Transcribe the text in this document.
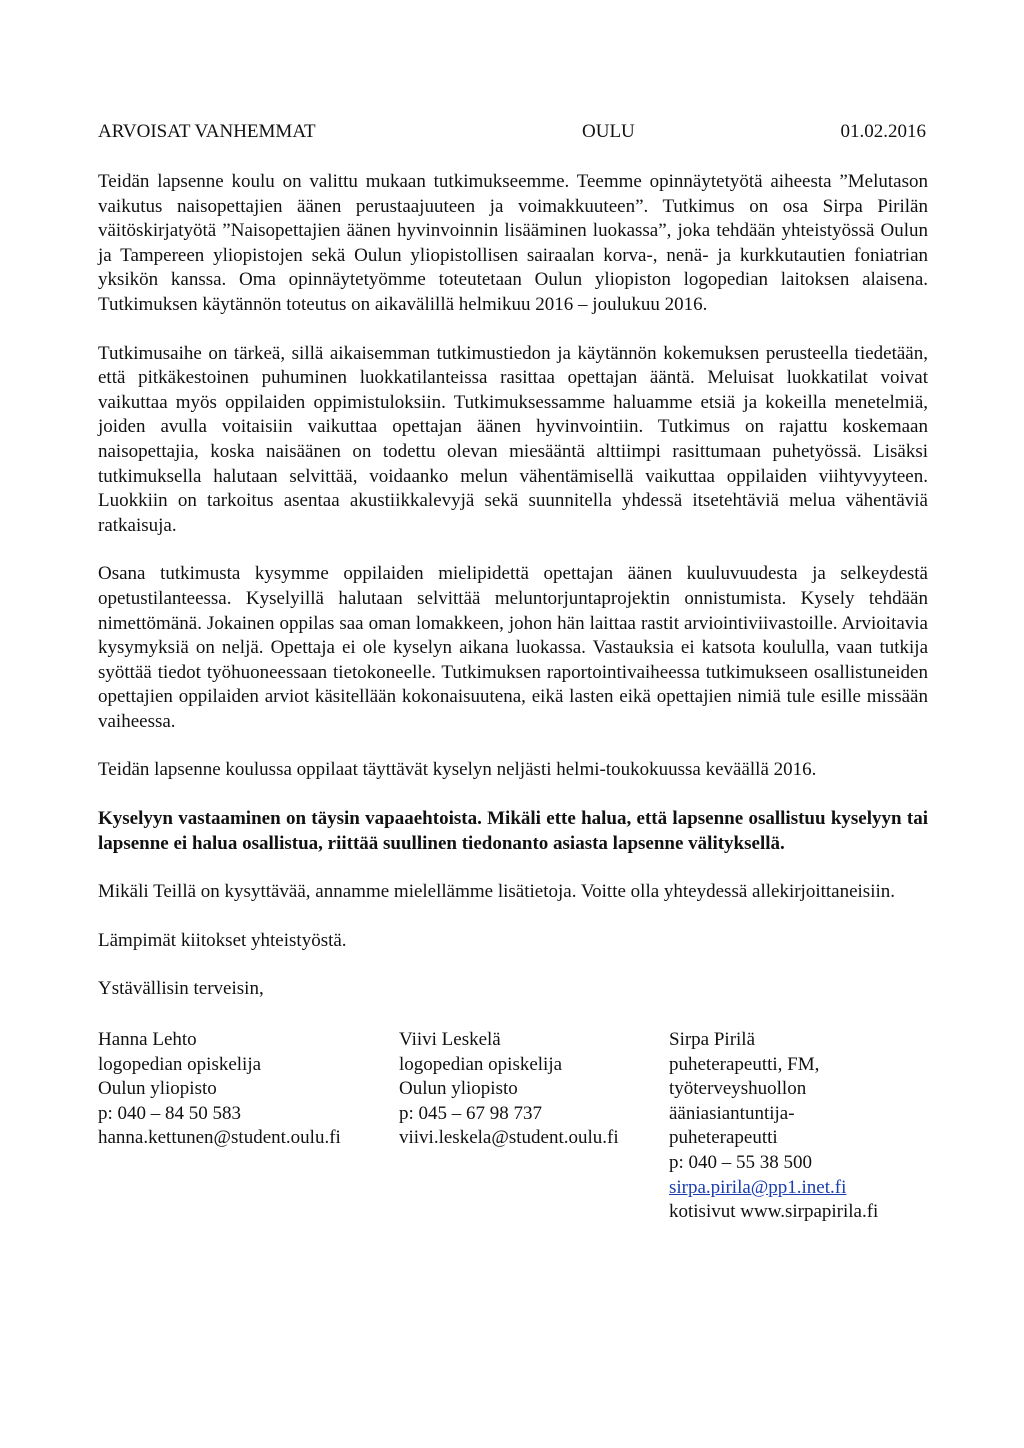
ARVOISAT VANHEMMAT	OULU	01.02.2016

Teidän lapsenne koulu on valittu mukaan tutkimukseemme. Teemme opinnäytetyötä aiheesta ”Melutason vaikutus naisopettajien äänen perustaajuuteen ja voimakkuuteen”. Tutkimus on osa Sirpa Pirilän väitöskirjatyötä ”Naisopettajien äänen hyvinvoinnin lisääminen luokassa”, joka tehdään yhteistyössä Oulun ja Tampereen yliopistojen sekä Oulun yliopistollisen sairaalan korva-, nenä- ja kurkkutautien foniatrian yksikön kanssa. Oma opinnäytetyömme toteutetaan Oulun yliopiston logopedian laitoksen alaisena. Tutkimuksen käytännön toteutus on aikavälillä helmikuu 2016 – joulukuu 2016.

Tutkimusaihe on tärkeä, sillä aikaisemman tutkimustiedon ja käytännön kokemuksen perusteella tiedetään, että pitkäkestoinen puhuminen luokkatilanteissa rasittaa opettajan ääntä. Meluisat luokkatilat voivat vaikuttaa myös oppilaiden oppimistuloksiin. Tutkimuksessamme haluamme etsiä ja kokeilla menetelmiä, joiden avulla voitaisiin vaikuttaa opettajan äänen hyvinvointiin. Tutkimus on rajattu koskemaan naisopettajia, koska naisäänen on todettu olevan miesääntä alttiimpi rasittumaan puhetyössä. Lisäksi tutkimuksella halutaan selvittää, voidaanko melun vähentämisellä vaikuttaa oppilaiden viihtyvyyteen. Luokkiin on tarkoitus asentaa akustiikkalevyjä sekä suunnitella yhdessä itsetehtäviä melua vähentäviä ratkaisuja.

Osana tutkimusta kysymme oppilaiden mielipidettä opettajan äänen kuuluvuudesta ja selkeydestä opetustilanteessa. Kyselyillä halutaan selvittää meluntorjuntaprojektin onnistumista. Kysely tehdään nimettömänä. Jokainen oppilas saa oman lomakkeen, johon hän laittaa rastit arviointiviivastoille. Arvioitavia kysymyksiä on neljä. Opettaja ei ole kyselyn aikana luokassa. Vastauksia ei katsota koululla, vaan tutkija syöttää tiedot työhuoneessaan tietokoneelle. Tutkimuksen raportointivaiheessa tutkimukseen osallistuneiden opettajien oppilaiden arviot käsitellään kokonaisuutena, eikä lasten eikä opettajien nimiä tule esille missään vaiheessa.

Teidän lapsenne koulussa oppilaat täyttävät kyselyn neljästi helmi-toukokuussa keväällä 2016.

Kyselyyn vastaaminen on täysin vapaaehtoista. Mikäli ette halua, että lapsenne osallistuu kyselyyn tai lapsenne ei halua osallistua, riittää suullinen tiedonanto asiasta lapsenne välityksellä.

Mikäli Teillä on kysyttävää, annamme mielellämme lisätietoja. Voitte olla yhteydessä allekirjoittaneisiin.

Lämpimät kiitokset yhteistyöstä.

Ystävällisin terveisin,

Hanna Lehto
logopedian opiskelija
Oulun yliopisto
p: 040 – 84 50 583
hanna.kettunen@student.oulu.fi
Viivi Leskelä
logopedian opiskelija
Oulun yliopisto
p: 045 – 67 98 737
viivi.leskela@student.oulu.fi
Sirpa Pirilä
puheterapeutti, FM,
työterveyshuollon
ääniasiantuntija-
puheterapeutti
p: 040 – 55 38 500
sirpa.pirila@pp1.inet.fi
kotisivut www.sirpapirila.fi
